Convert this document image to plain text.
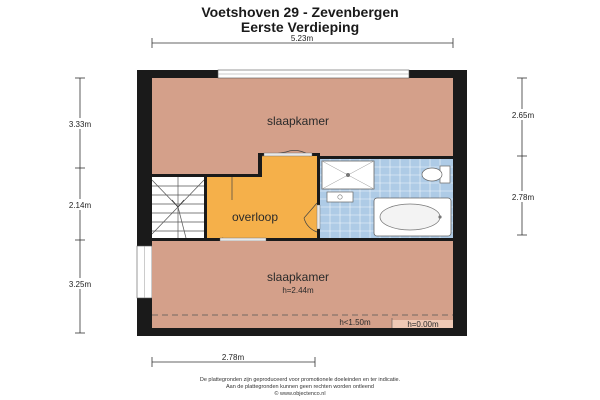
Voetshoven 29 - Zevenbergen
Eerste Verdieping
5.23m
3.33m
2.14m
3.25m
2.65m
2.78m
2.78m
slaapkamer
overloop
slaapkamer
h=2.44m
h<1.50m	h=0.00m
De plattegronden zijn geproduceerd voor promotionele doeleinden en ter indicatie.
Aan de plattegronden kunnen geen rechten worden ontleend
© www.objectenco.nl
